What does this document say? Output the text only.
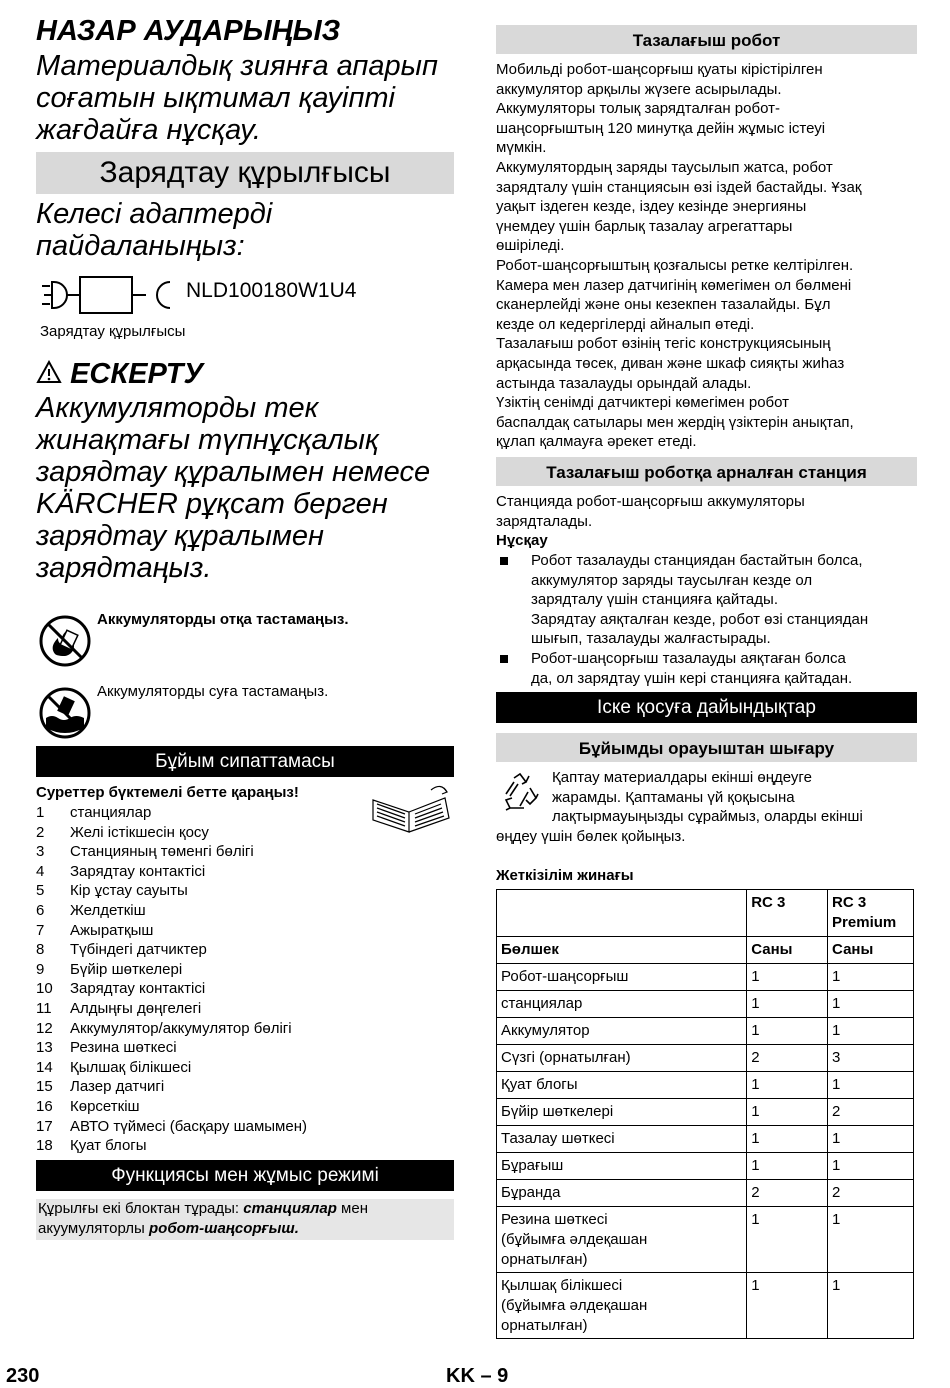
НАЗАР АУДАРЫҢЫЗ
Материалдық зиянға апарып
соғатын ықтимал қауіпті
жағдайға нұсқау.
Зарядтау құрылғысы
Келесі адаптерді
пайдаланыңыз:
NLD100180W1U4
Зарядтау құрылғысы
ЕСКЕРТУ
Аккумуляторды тек
жинақтағы түпнұсқалық
зарядтау құралымен немесе
KÄRCHER рұқсат берген
зарядтау құралымен
зарядтаңыз.
Аккумуляторды отқа тастамаңыз.
Аккумуляторды суға тастамаңыз.
Бұйым сипаттамасы
Суреттер бүктемелі бетте қараңыз!
1 станциялар
2 Желі істікшесін қосу
3 Станцияның төменгі бөлігі
4 Зарядтау контактісі
5 Кір ұстау сауыты
6 Желдеткіш
7 Ажыратқыш
8 Түбіндегі датчиктер
9 Бүйір шөткелері
10 Зарядтау контактісі
11 Алдыңғы дөңгелегі
12 Аккумулятор/аккумулятор бөлігі
13 Резина шөткесі
14 Қылшақ білікшесі
15 Лазер датчигі
16 Көрсеткіш
17 АВТО түймесі (басқару шамымен)
18 Қуат блогы
Функциясы мен жұмыс режимі
Құрылғы екі блоктан тұрады: станциялар мен
акуумуляторлы робот-шаңсорғыш.
Тазалағыш робот
Мобильді робот-шаңсорғыш қуаты кірістірілген
аккумулятор арқылы жүзеге асырылады.
Аккумуляторы толық зарядталған робот-
шаңсорғыштың 120 минутқа дейін жұмыс істеуі
мүмкін.
Аккумулятордың заряды таусылып жатса, робот
зарядталу үшін станциясын өзі іздей бастайды. Ұзақ
уақыт іздеген кезде, іздеу кезінде энергияны
үнемдеу үшін барлық тазалау агрегаттары
өшіріледі.
Робот-шаңсорғыштың қозғалысы ретке келтірілген.
Камера мен лазер датчигінің көмегімен ол бөлмені
сканерлейді және оны кезекпен тазалайды. Бұл
кезде ол кедергілерді айналып өтеді.
Тазалағыш робот өзінің тегіс конструкциясының
арқасында төсек, диван және шкаф сияқты жиһаз
астында тазалауды орындай алады.
Үзіктің сенімді датчиктері көмегімен робот
баспалдақ сатылары мен жердің үзіктерін анықтап,
құлап қалмауға әрекет етеді.
Тазалағыш роботқа арналған станция
Станцияда робот-шаңсорғыш аккумуляторы
зарядталады.
Нұсқау
Робот тазалауды станциядан бастайтын болса,
аккумулятор заряды таусылған кезде ол
зарядталу үшін станцияға қайтады.
Зарядтау аяқталған кезде, робот өзі станциядан
шығып, тазалауды жалғастырады.
Робот-шаңсорғыш тазалауды аяқтаған болса
да, ол зарядтау үшін кері станцияға қайтадан.
Іске қосуға дайындықтар
Бұйымды орауыштан шығару
Қаптау материалдары екінші өңдеуге
жарамды. Қаптаманы үй қоқысына
лақтырмауыңызды сұраймыз, оларды екінші
өңдеу үшін бөлек қойыңыз.
Жеткізілім жинағы
	RC 3	RC 3
Premium

Бөлшек	Саны	Саны
Робот-шаңсорғыш	1	1
станциялар	1	1
Аккумулятор	1	1
Сүзгі (орнатылған)	2	3
Қуат блогы	1	1
Бүйір шөткелері	1	2
Тазалау шөткесі	1	1
Бұрағыш	1	1
Бұранда	2	2

Резина шөткесі
(бұйымға әлдеқашан
орнатылған)	1	1

Қылшақ білікшесі
(бұйымға әлдеқашан
орнатылған)	1	1
230	KK – 9
